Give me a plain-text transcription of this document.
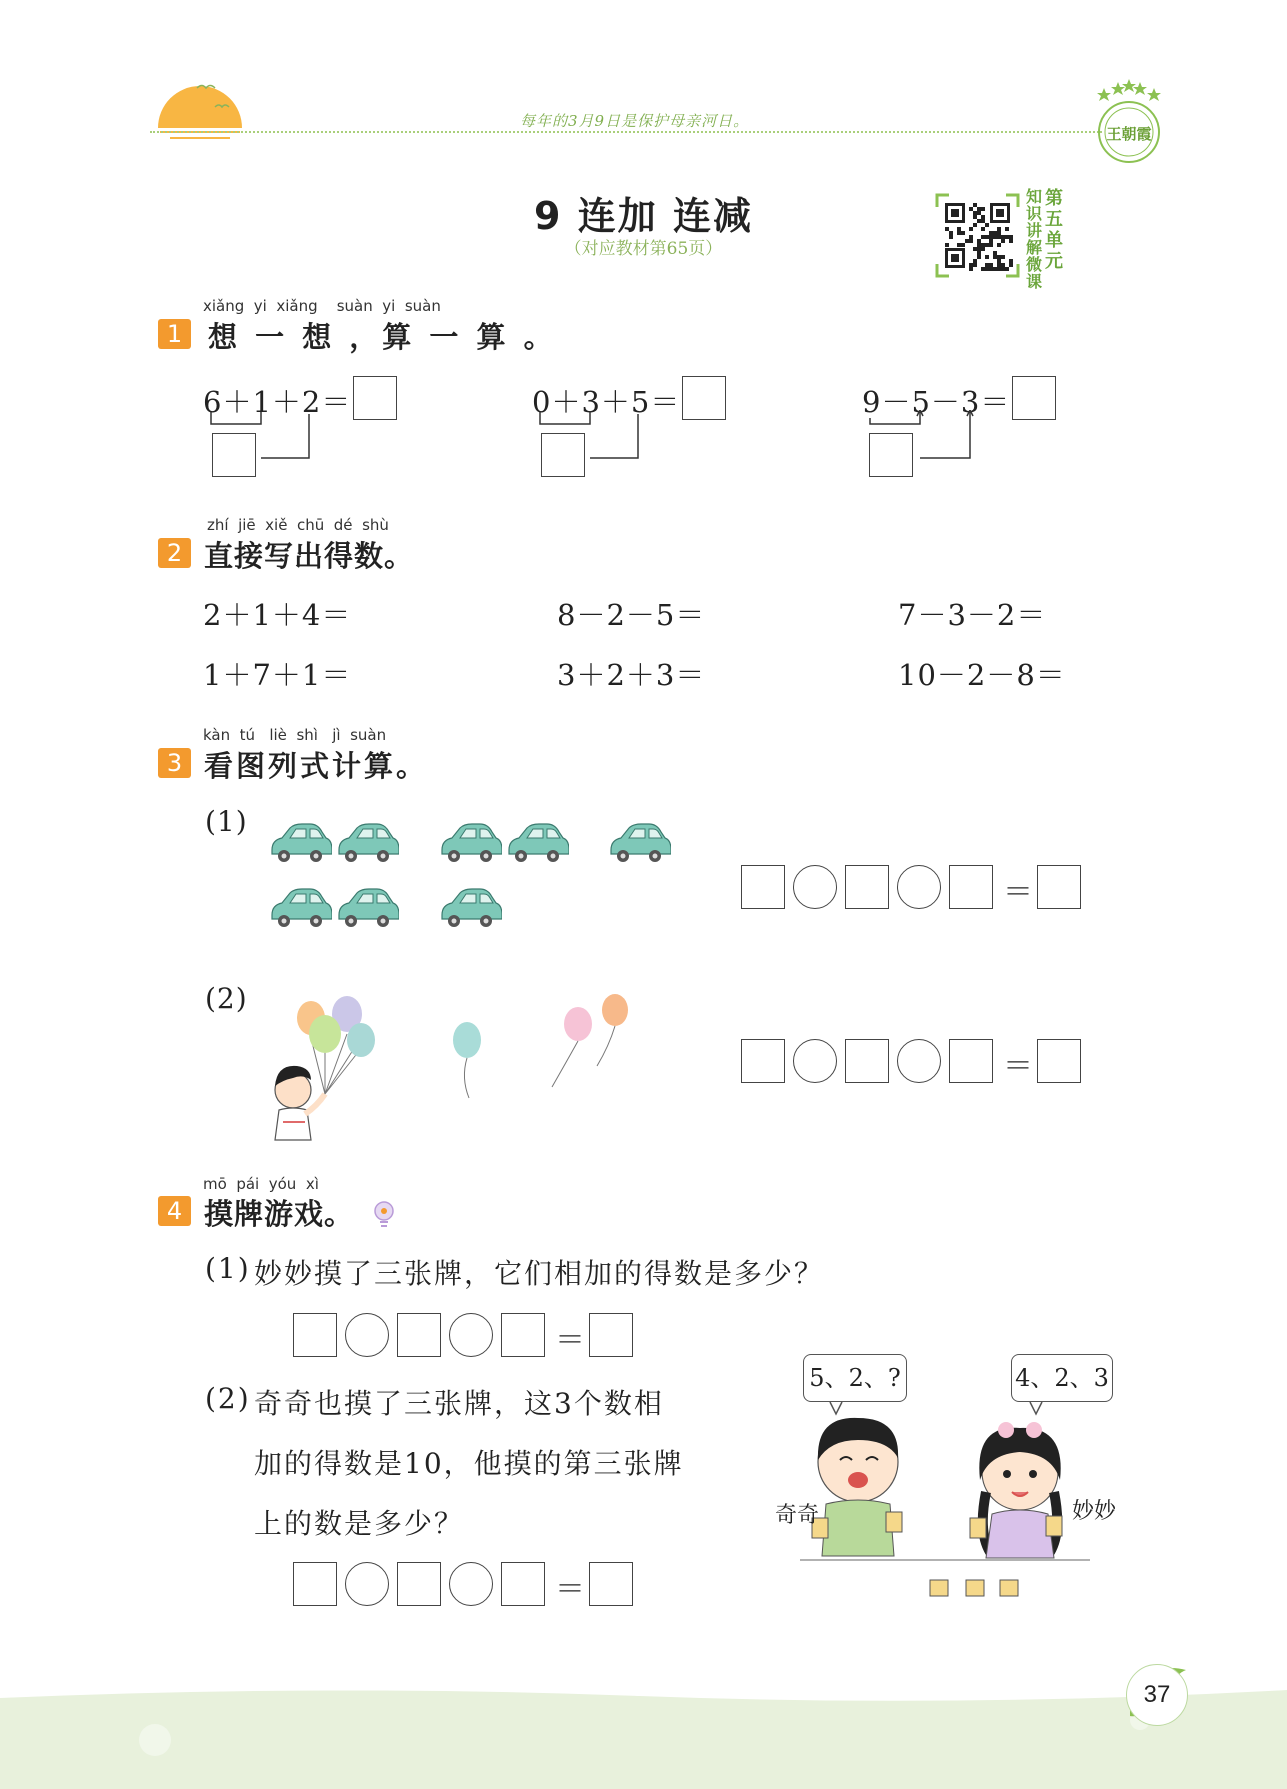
每年的3月9日是保护母亲河日。
王朝霞
9 连加 连减
（对应教材第65页）
知识讲解微课
第五单元
xiǎng  yi  xiǎng    suàn  yi  suàn
1 想 一 想 ，算 一 算 。
6＋1＋2＝	0＋3＋5＝	9－5－3＝
zhí  jiē  xiě  chū  dé  shù
2 直接写出得数。
2＋1＋4＝	8－2－5＝	7－3－2＝
1＋7＋1＝	3＋2＋3＝	10－2－8＝
kàn  tú   liè  shì   jì  suàn
3 看图列式计算。
(1)
＝
(2)
＝
mō  pái  yóu  xì
4 摸牌游戏。
(1) 妙妙摸了三张牌，它们相加的得数是多少？
＝
(2) 奇奇也摸了三张牌，这3个数相
加的得数是10，他摸的第三张牌
上的数是多少？
＝
5、2、?	4、2、3
奇奇	妙妙
37
